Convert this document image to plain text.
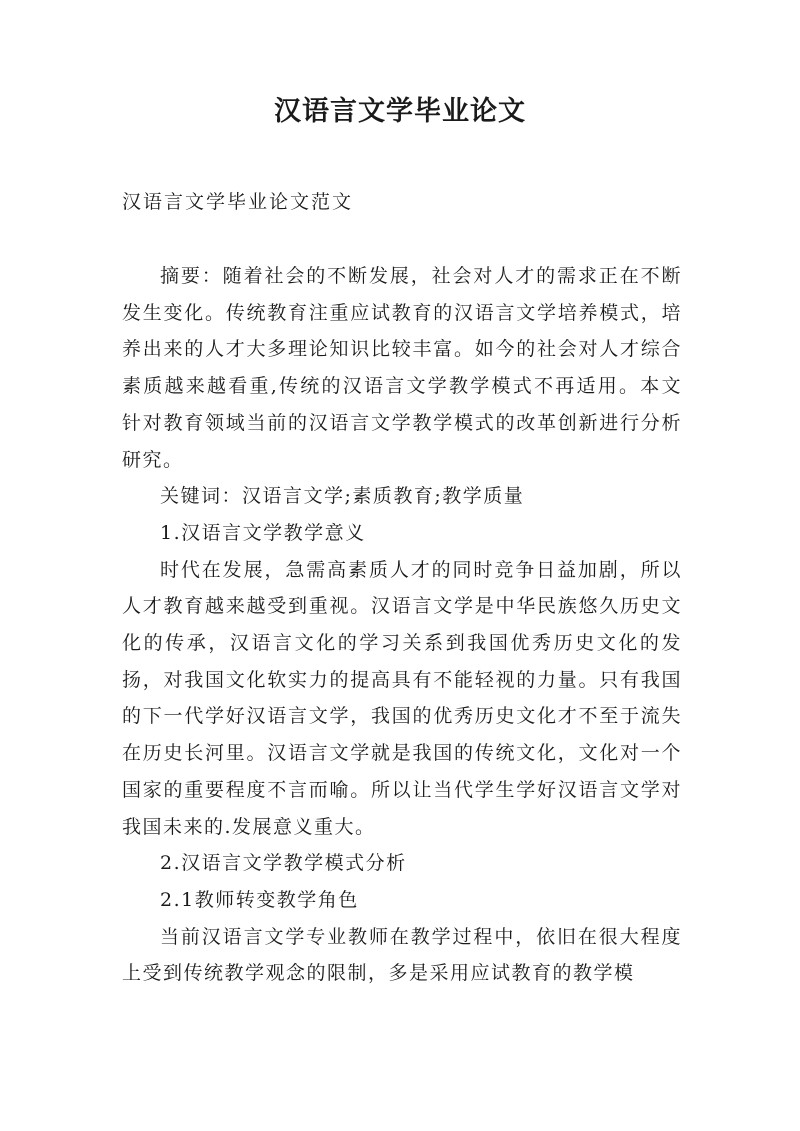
汉语言文学毕业论文
汉语言文学毕业论文范文

摘要：随着社会的不断发展，社会对人才的需求正在不断发生变化。传统教育注重应试教育的汉语言文学培养模式，培养出来的人才大多理论知识比较丰富。如今的社会对人才综合素质越来越看重,传统的汉语言文学教学模式不再适用。本文针对教育领域当前的汉语言文学教学模式的改革创新进行分析研究。

关键词：汉语言文学;素质教育;教学质量

1.汉语言文学教学意义

时代在发展，急需高素质人才的同时竞争日益加剧，所以人才教育越来越受到重视。汉语言文学是中华民族悠久历史文化的传承，汉语言文化的学习关系到我国优秀历史文化的发扬，对我国文化软实力的提高具有不能轻视的力量。只有我国的下一代学好汉语言文学，我国的优秀历史文化才不至于流失在历史长河里。汉语言文学就是我国的传统文化，文化对一个国家的重要程度不言而喻。所以让当代学生学好汉语言文学对我国未来的.发展意义重大。

2.汉语言文学教学模式分析

2.1教师转变教学角色

当前汉语言文学专业教师在教学过程中，依旧在很大程度上受到传统教学观念的限制，多是采用应试教育的教学模
